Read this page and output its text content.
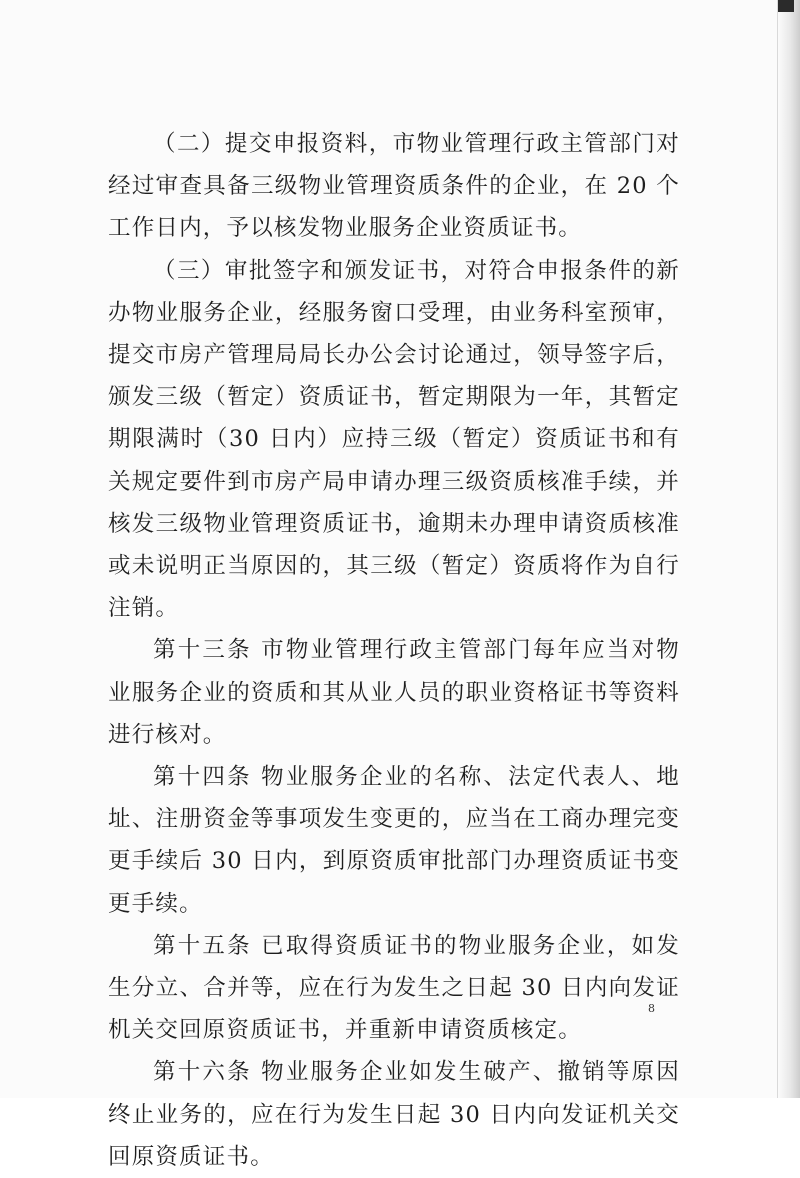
（二）提交申报资料，市物业管理行政主管部门对经过审查具备三级物业管理资质条件的企业，在 20 个工作日内，予以核发物业服务企业资质证书。

（三）审批签字和颁发证书，对符合申报条件的新办物业服务企业，经服务窗口受理，由业务科室预审，提交市房产管理局局长办公会讨论通过，领导签字后，颁发三级（暂定）资质证书，暂定期限为一年，其暂定期限满时（30 日内）应持三级（暂定）资质证书和有关规定要件到市房产局申请办理三级资质核准手续，并核发三级物业管理资质证书，逾期未办理申请资质核准或未说明正当原因的，其三级（暂定）资质将作为自行注销。

第十三条 市物业管理行政主管部门每年应当对物业服务企业的资质和其从业人员的职业资格证书等资料进行核对。

第十四条 物业服务企业的名称、法定代表人、地址、注册资金等事项发生变更的，应当在工商办理完变更手续后 30 日内，到原资质审批部门办理资质证书变更手续。

第十五条 已取得资质证书的物业服务企业，如发生分立、合并等，应在行为发生之日起 30 日内向发证机关交回原资质证书，并重新申请资质核定。

第十六条 物业服务企业如发生破产、撤销等原因终止业务的，应在行为发生日起 30 日内向发证机关交回原资质证书。

8
